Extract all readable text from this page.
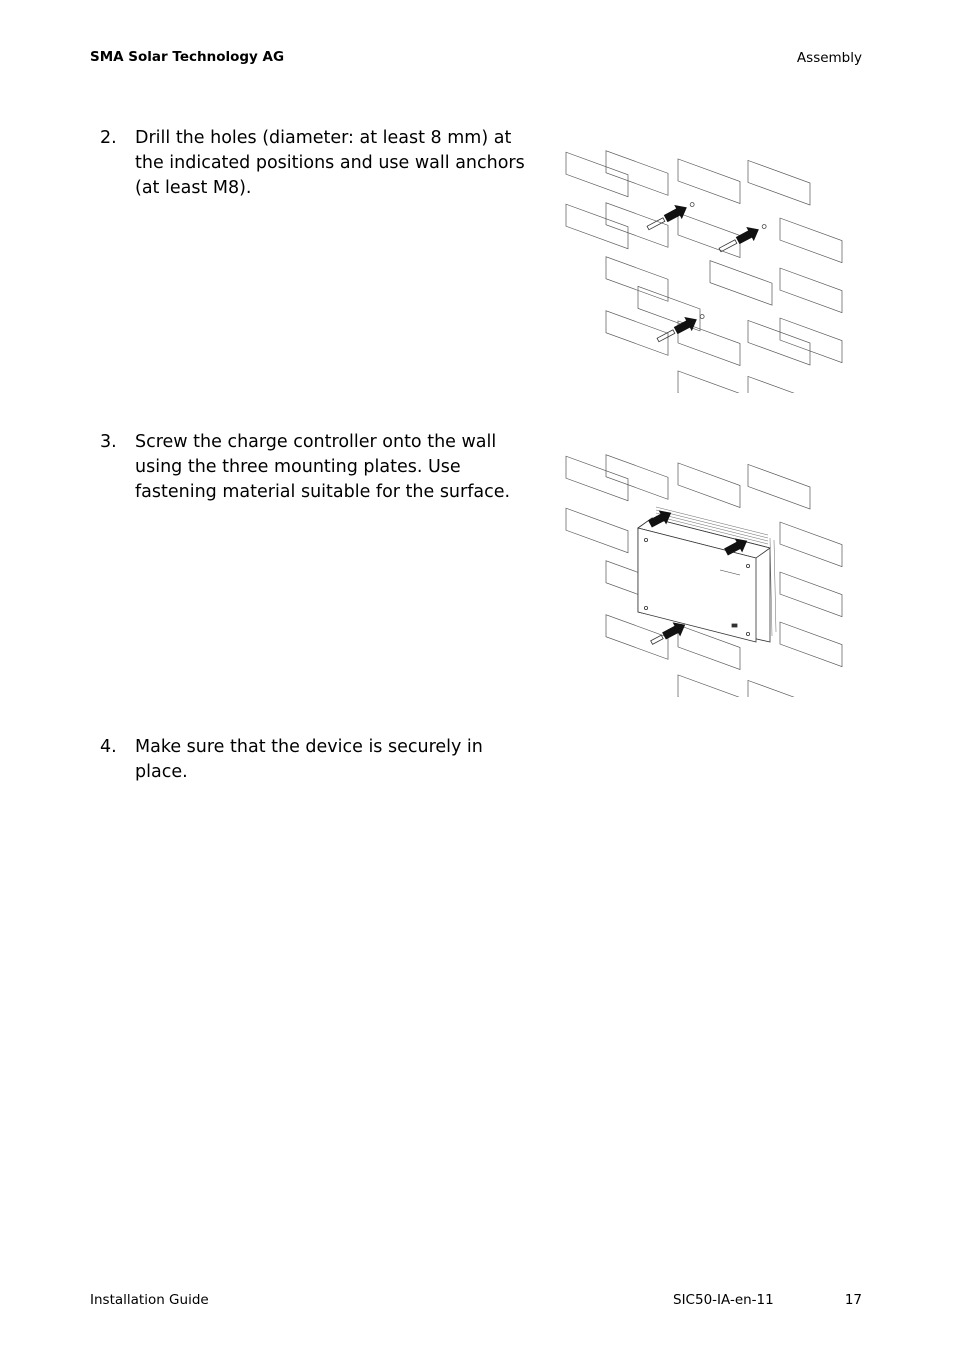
SMA Solar Technology AG	Assembly
2. Drill the holes (diameter: at least 8 mm) at the indicated positions and use wall anchors (at least M8).
3. Screw the charge controller onto the wall using the three mounting plates. Use fastening material suitable for the surface.
4. Make sure that the device is securely in place.
Installation Guide	SIC50-IA-en-11	17
